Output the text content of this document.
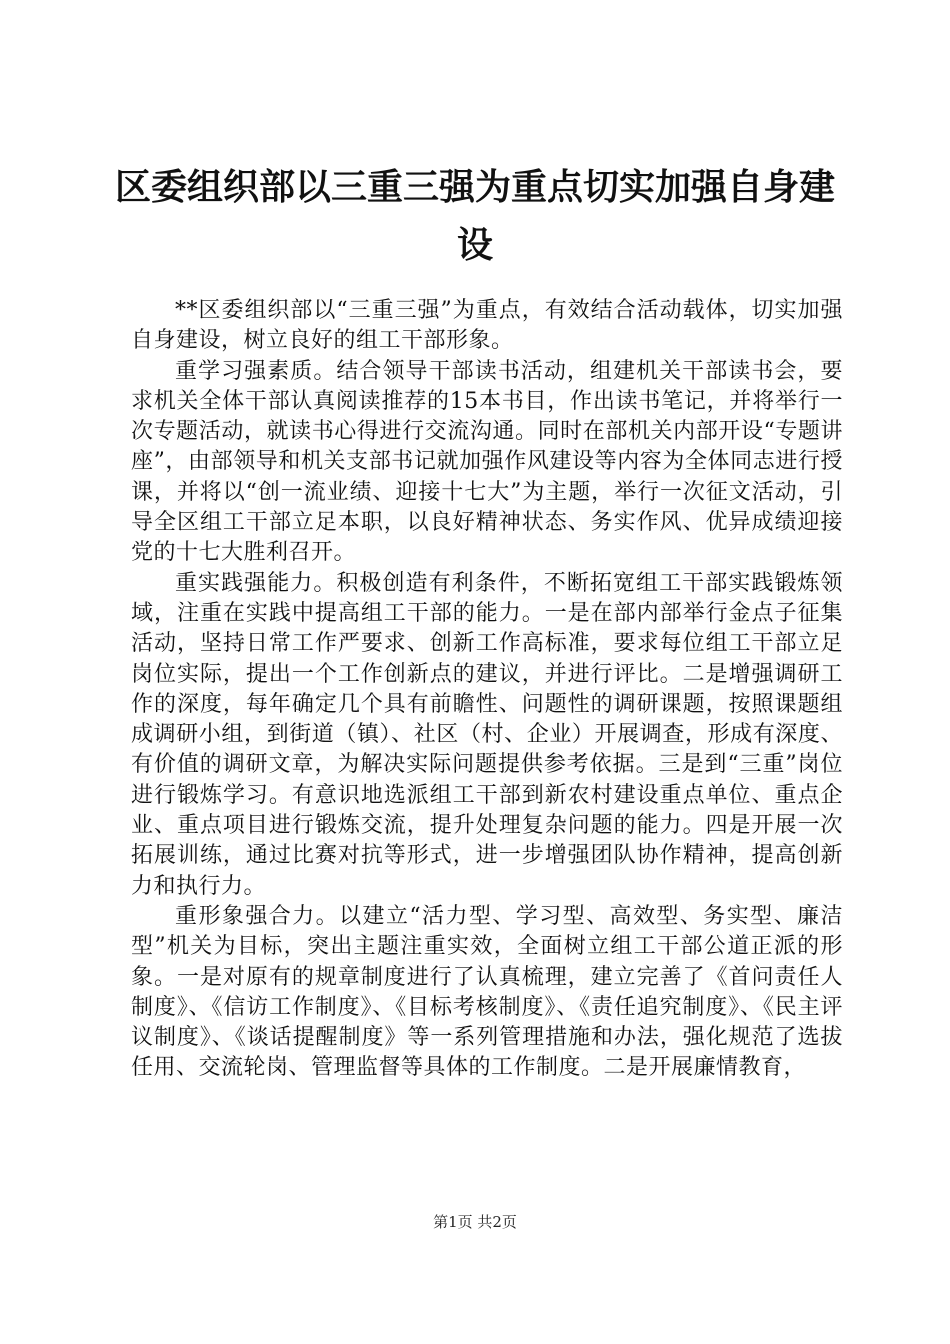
区委组织部以三重三强为重点切实加强自身建设

**区委组织部以“三重三强”为重点，有效结合活动载体，切实加强自身建设，树立良好的组工干部形象。

重学习强素质。结合领导干部读书活动，组建机关干部读书会，要求机关全体干部认真阅读推荐的15本书目，作出读书笔记，并将举行一次专题活动，就读书心得进行交流沟通。同时在部机关内部开设“专题讲座”，由部领导和机关支部书记就加强作风建设等内容为全体同志进行授课，并将以“创一流业绩、迎接十七大”为主题，举行一次征文活动，引导全区组工干部立足本职，以良好精神状态、务实作风、优异成绩迎接党的十七大胜利召开。

重实践强能力。积极创造有利条件，不断拓宽组工干部实践锻炼领域，注重在实践中提高组工干部的能力。一是在部内部举行金点子征集活动，坚持日常工作严要求、创新工作高标准，要求每位组工干部立足岗位实际，提出一个工作创新点的建议，并进行评比。二是增强调研工作的深度，每年确定几个具有前瞻性、问题性的调研课题，按照课题组成调研小组，到街道（镇）、社区（村、企业）开展调查，形成有深度、有价值的调研文章，为解决实际问题提供参考依据。三是到“三重”岗位进行锻炼学习。有意识地选派组工干部到新农村建设重点单位、重点企业、重点项目进行锻炼交流，提升处理复杂问题的能力。四是开展一次拓展训练，通过比赛对抗等形式，进一步增强团队协作精神，提高创新力和执行力。

重形象强合力。以建立“活力型、学习型、高效型、务实型、廉洁型”机关为目标，突出主题注重实效，全面树立组工干部公道正派的形象。一是对原有的规章制度进行了认真梳理，建立完善了《首问责任人制度》、《信访工作制度》、《目标考核制度》、《责任追究制度》、《民主评议制度》、《谈话提醒制度》等一系列管理措施和办法，强化规范了选拔任用、交流轮岗、管理监督等具体的工作制度。二是开展廉情教育，

第1页 共2页
